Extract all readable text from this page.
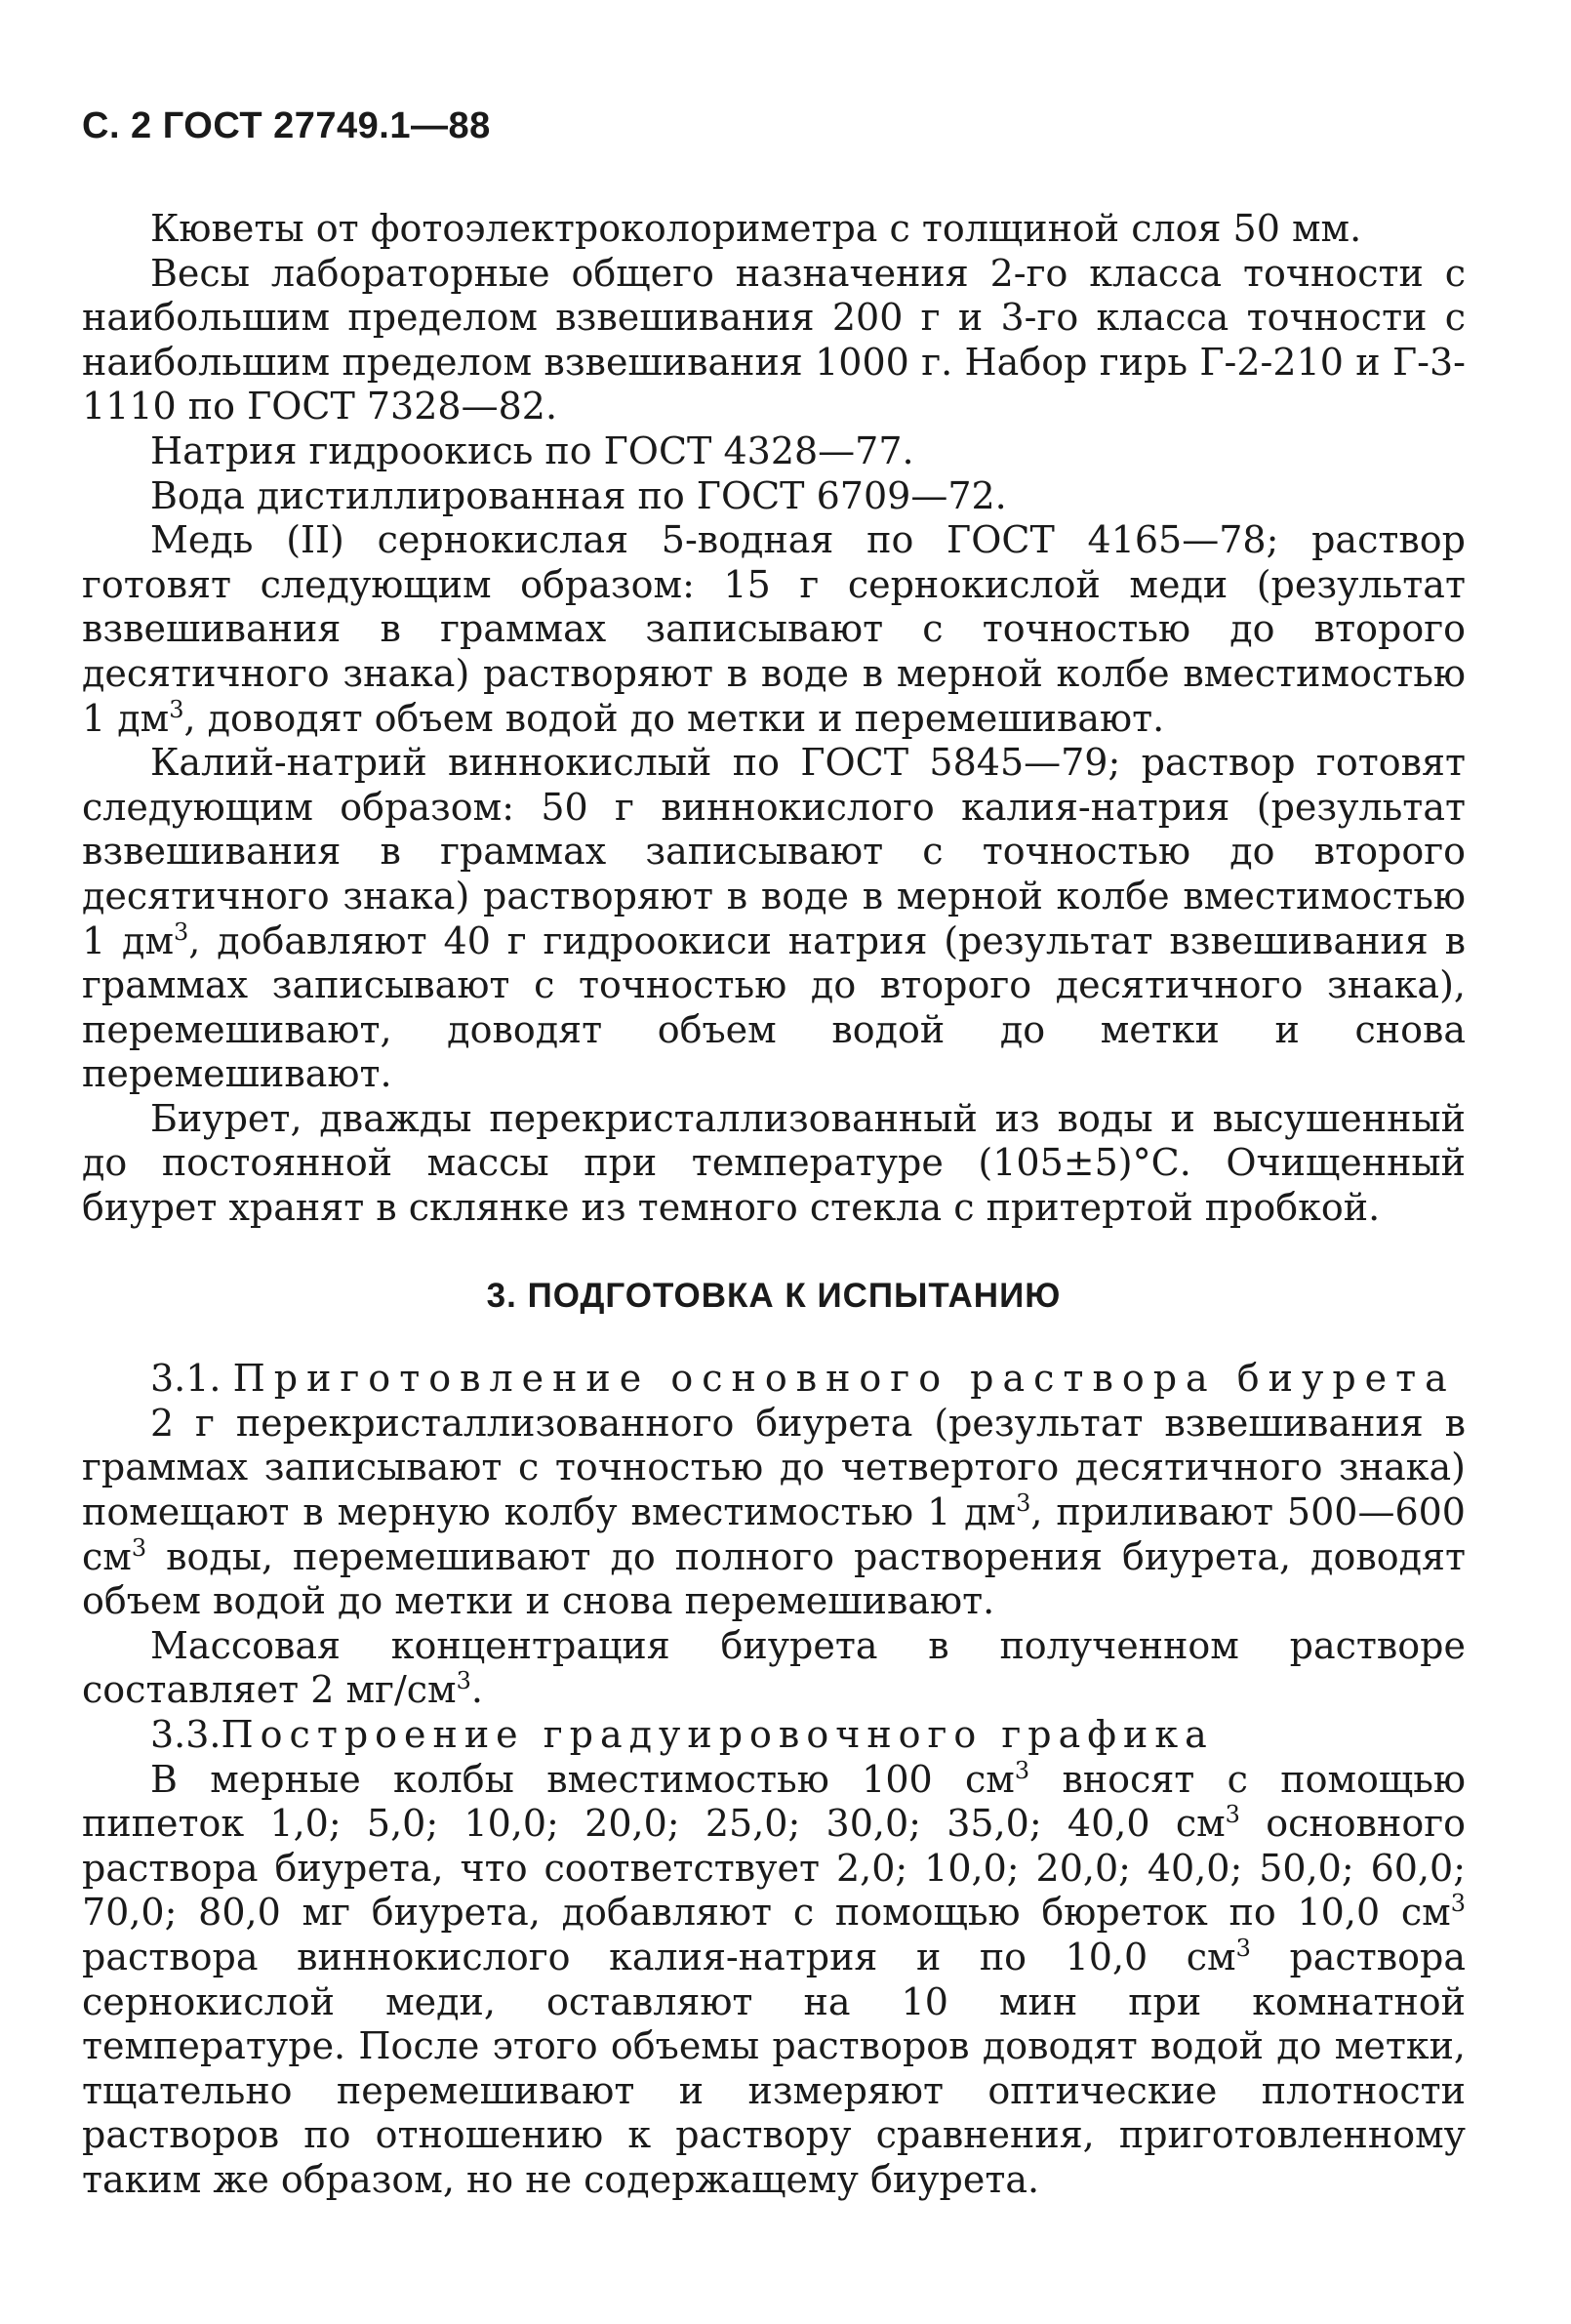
С. 2 ГОСТ 27749.1—88

Кюветы от фотоэлектроколориметра с толщиной слоя 50 мм.

Весы лабораторные общего назначения 2-го класса точности с наибольшим пределом взвешивания 200 г и 3-го класса точности с наибольшим пределом взвешивания 1000 г. Набор гирь Г-2-210 и Г-3-1110 по ГОСТ 7328—82.

Натрия гидроокись по ГОСТ 4328—77.

Вода дистиллированная по ГОСТ 6709—72.

Медь (II) сернокислая 5-водная по ГОСТ 4165—78; раствор готовят следующим образом: 15 г сернокислой меди (результат взвешивания в граммах записывают с точностью до второго десятичного знака) растворяют в воде в мерной колбе вместимостью 1 $дм^3$, доводят объем водой до метки и перемешивают.

Калий-натрий виннокислый по ГОСТ 5845—79; раствор готовят следующим образом: 50 г виннокислого калия-натрия (результат взвешивания в граммах записывают с точностью до второго десятичного знака) растворяют в воде в мерной колбе вместимостью 1 $дм^3$, добавляют 40 г гидроокиси натрия (результат взвешивания в граммах записывают с точностью до второго десятичного знака), перемешивают, доводят объем водой до метки и снова перемешивают.

Биурет, дважды перекристаллизованный из воды и высушенный до постоянной массы при температуре (105±5)°С. Очищенный биурет хранят в склянке из темного стекла с притертой пробкой.

3. ПОДГОТОВКА К ИСПЫТАНИЮ

3.1. Приготовление основного раствора биурета

2 г перекристаллизованного биурета (результат взвешивания в граммах записывают с точностью до четвертого десятичного знака) помещают в мерную колбу вместимостью 1 $дм^3$, приливают 500—600 $см^3$ воды, перемешивают до полного растворения биурета, доводят объем водой до метки и снова перемешивают.

Массовая концентрация биурета в полученном растворе составляет 2 $мг/см^3$.

3.3.Построение градуировочного графика

В мерные колбы вместимостью 100 $см^3$ вносят с помощью пипеток 1,0; 5,0; 10,0; 20,0; 25,0; 30,0; 35,0; 40,0 $см^3$ основного раствора биурета, что соответствует 2,0; 10,0; 20,0; 40,0; 50,0; 60,0; 70,0; 80,0 мг биурета, добавляют с помощью бюреток по 10,0 $см^3$ раствора виннокислого калия-натрия и по 10,0 $см^3$ раствора сернокислой меди, оставляют на 10 мин при комнатной температуре. После этого объемы растворов доводят водой до метки, тщательно перемешивают и измеряют оптические плотности растворов по отношению к раствору сравнения, приготовленному таким же образом, но не содержащему биурета.
